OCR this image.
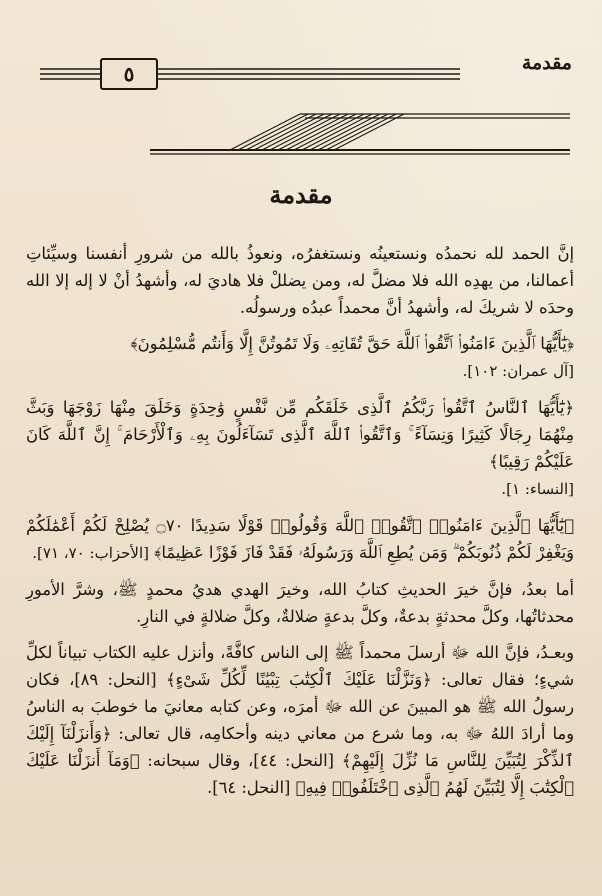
مقدمة
٥
مقدمة

إنَّ الحمد لله نحمدُه ونستعينُه ونستغفرُه، ونعوذُ بالله من شرورِ أنفسنا وسيِّئاتِ أعمالنا، من يهدِه الله فلا مضلَّ له، ومن يضللْ فلا هاديَ له، وأشهدُ أنْ لا إله إلا الله وحدَه لا شريكَ له، وأشهدُ أنَّ محمداً عبدُه ورسولُه.

﴿يَٰٓأَيُّهَا ٱلَّذِينَ ءَامَنُوا۟ ٱتَّقُوا۟ ٱللَّهَ حَقَّ تُقَاتِهِۦ وَلَا تَمُوتُنَّ إِلَّا وَأَنتُم مُّسْلِمُونَ﴾
[آل عمران: ١٠٢].

﴿يَٰٓأَيُّهَا ٱلنَّاسُ ٱتَّقُوا۟ رَبَّكُمُ ٱلَّذِى خَلَقَكُم مِّن نَّفْسٍ وَٰحِدَةٍ وَخَلَقَ مِنْهَا زَوْجَهَا وَبَثَّ مِنْهُمَا رِجَالًا كَثِيرًا وَنِسَآءً ۚ وَٱتَّقُوا۟ ٱللَّهَ ٱلَّذِى تَسَآءَلُونَ بِهِۦ وَٱلْأَرْحَامَ ۚ إِنَّ ٱللَّهَ كَانَ عَلَيْكُمْ رَقِيبًا﴾
[النساء: ١].

﴿يَٰٓأَيُّهَا ٱلَّذِينَ ءَامَنُوا۟ ٱتَّقُوا۟ ٱللَّهَ وَقُولُوا۟ قَوْلًا سَدِيدًا ۝٧٠ يُصْلِحْ لَكُمْ أَعْمَٰلَكُمْ وَيَغْفِرْ لَكُمْ ذُنُوبَكُمْ ۗ وَمَن يُطِعِ ٱللَّهَ وَرَسُولَهُۥ فَقَدْ فَازَ فَوْزًا عَظِيمًا﴾ [الأحزاب: ٧٠، ٧١].

أما بعدُ، فإنَّ خيرَ الحديثِ كتابُ الله، وخيرَ الهدي هديُ محمدٍ ﷺ، وشرَّ الأمورِ محدثاتُها، وكلَّ محدثةٍ بدعةٌ، وكلَّ بدعةٍ ضلالةٌ، وكلَّ ضلالةٍ في النارِ.

وبعـدُ، فإنَّ الله ﷻ أرسلَ محمداً ﷺ إلى الناس كافَّةً، وأنزل عليه الكتاب تبياناً لكلِّ شيءٍ؛ فقال تعالى: ﴿وَنَزَّلْنَا عَلَيْكَ ٱلْكِتَٰبَ تِبْيَٰنًا لِّكُلِّ شَىْءٍ﴾ [النحل: ٨٩]، فكان رسولُ الله ﷺ هو المبينَ عن الله ﷻ أمرَه، وعن كتابه معانيَ ما خوطبَ به الناسُ وما أرادَ اللهُ ﷻ به، وما شرع من معاني دينه وأحكامِه، قال تعالى: ﴿وَأَنزَلْنَآ إِلَيْكَ ٱلذِّكْرَ لِتُبَيِّنَ لِلنَّاسِ مَا نُزِّلَ إِلَيْهِمْ﴾ [النحل: ٤٤]، وقال سبحانه: ﴿وَمَآ أَنزَلْنَا عَلَيْكَ ٱلْكِتَٰبَ إِلَّا لِتُبَيِّنَ لَهُمُ ٱلَّذِى ٱخْتَلَفُوا۟ فِيهِ﴾ [النحل: ٦٤].
